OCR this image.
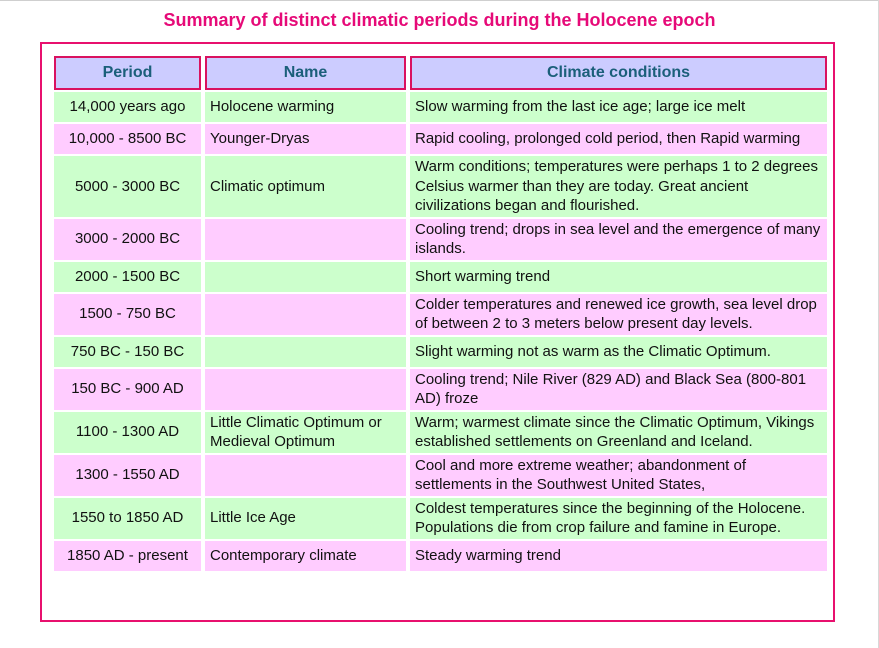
Summary of distinct climatic periods during the Holocene epoch
Period	Name	Climate conditions
14,000 years ago	Holocene warming	Slow warming from the last ice age; large ice melt
10,000 - 8500 BC	Younger-Dryas	Rapid cooling, prolonged cold period, then Rapid warming
5000 - 3000 BC	Climatic optimum	Warm conditions; temperatures were perhaps 1 to 2 degrees Celsius warmer than they are today. Great ancient civilizations began and flourished.
3000 - 2000 BC		Cooling trend; drops in sea level and the emergence of many islands.
2000 - 1500 BC		Short warming trend
1500 - 750 BC		Colder temperatures and renewed ice growth, sea level drop of between 2 to 3 meters below present day levels.
750 BC - 150 BC		Slight warming not as warm as the Climatic Optimum.
150 BC - 900 AD		Cooling trend; Nile River (829 AD) and Black Sea (800-801 AD) froze
1100 - 1300 AD	Little Climatic Optimum or Medieval Optimum	Warm; warmest climate since the Climatic Optimum, Vikings established settlements on Greenland and Iceland.
1300 - 1550 AD		Cool and more extreme weather; abandonment of settlements in the Southwest United States,
1550 to 1850 AD	Little Ice Age	Coldest temperatures since the beginning of the Holocene. Populations die from crop failure and famine in Europe.
1850 AD - present	Contemporary climate	Steady warming trend
